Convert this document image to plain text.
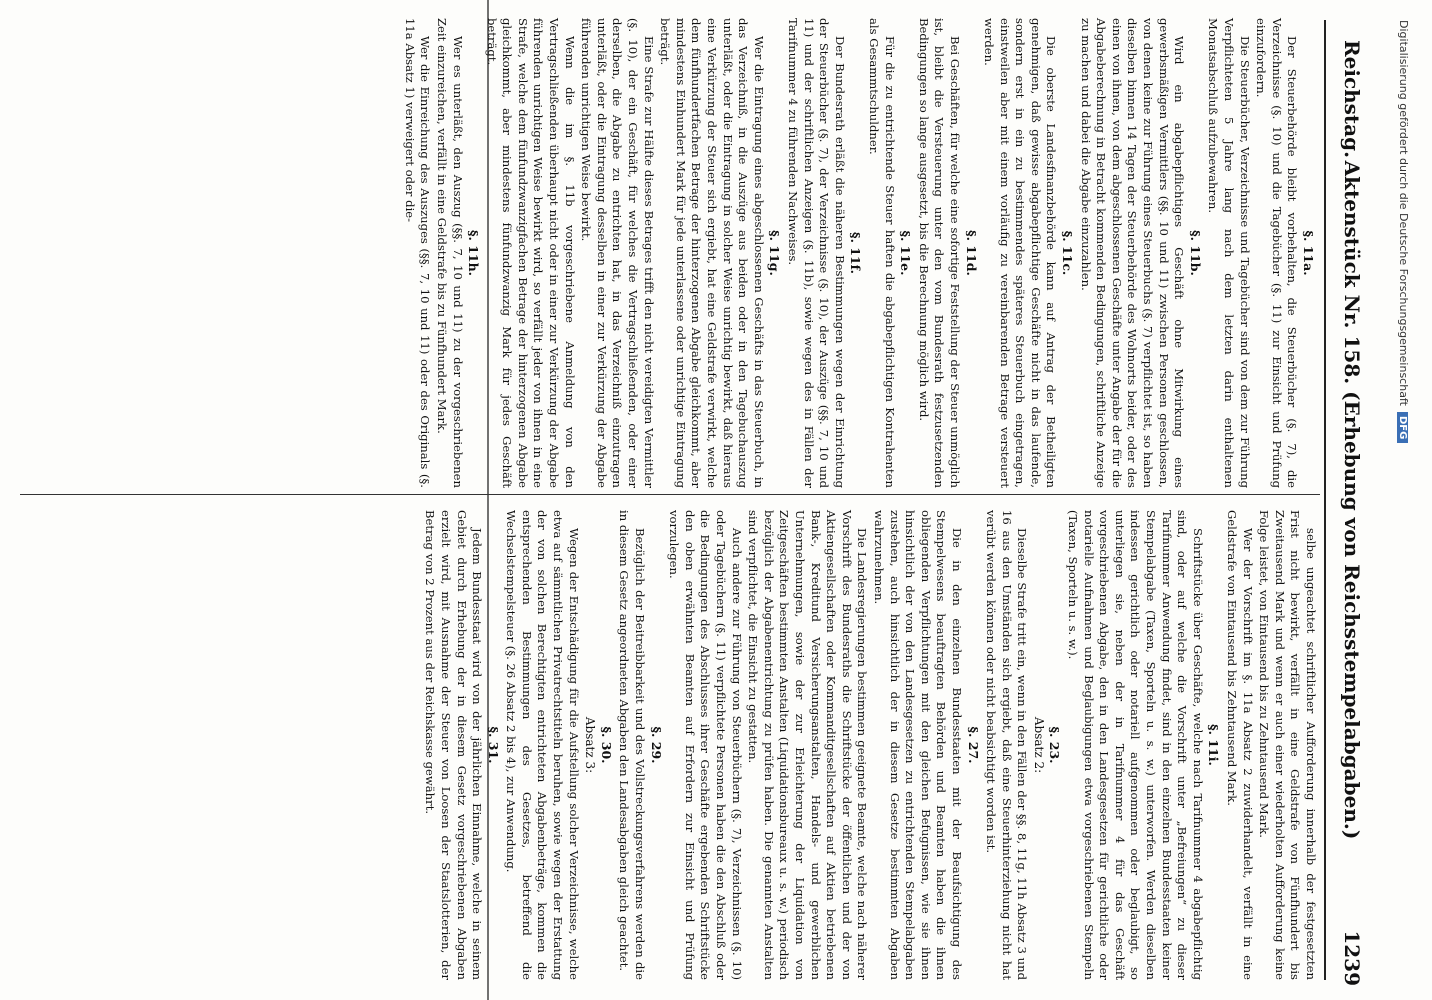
Reichstag.
Aktenstück Nr. 158. (Erhebung von Reichsstempelabgaben.)
1239
§. 11a.
Der Steuerbehörde bleibt vorbehalten, die Steuerbücher (§. 7), die Verzeichnisse (§. 10) und die Tagebücher (§. 11) zur Einsicht und Prüfung einzufordern.
Die Steuerbücher, Verzeichnisse und Tagebücher sind von dem zur Führung Verpflichteten 5 Jahre lang nach dem letzten darin enthaltenen Monatsabschluß aufzubewahren.
§. 11b.
Wird ein abgabepflichtiges Geschäft ohne Mitwirkung eines gewerbsmäßigen Vermittlers (§§. 10 und 11) zwischen Personen geschlossen, von denen keine zur Führung eines Steuerbuchs (§. 7) verpflichtet ist, so haben dieselben binnen 14 Tagen der Steuerbehörde des Wohnorts beider, oder des einen von ihnen, von dem abgeschlossenen Geschäfte unter Angabe der für die Abgabeberechnung in Betracht kommenden Bedingungen, schriftliche Anzeige zu machen und dabei die Abgabe einzuzahlen.
§. 11c.
Die oberste Landesfinanzbehörde kann auf Antrag der Betheiligten genehmigen, daß gewisse abgabepflichtige Geschäfte nicht in das laufende, sondern erst in ein zu bestimmendes späteres Steuerbuch eingetragen, einstweilen aber mit einem vorläufig zu vereinbarenden Betrage versteuert werden.
§. 11d.
Bei Geschäften, für welche eine sofortige Feststellung der Steuer unmöglich ist, bleibt die Versteuerung unter den vom Bundesrath festzusetzenden Bedingungen so lange ausgesetzt, bis die Berechnung möglich wird.
§. 11e.
Für die zu entrichtende Steuer haften die abgabepflichtigen Kontrahenten als Gesammtschuldner.
§. 11f.
Der Bundesrath erläßt die näheren Bestimmungen wegen der Einrichtung der Steuerbücher (§. 7), der Verzeichnisse (§. 10), der Auszüge (§§. 7, 10 und 11) und der schriftlichen Anzeigen (§. 11b), sowie wegen des in Fällen der Tarifnummer 4 zu führenden Nachweises.
§. 11g.
Wer die Eintragung eines abgeschlossenen Geschäfts in das Steuerbuch, in das Verzeichniß, in die Auszüge aus beiden oder in den Tagebuchauszug unterläßt, oder die Eintragung in solcher Weise unrichtig bewirkt, daß hieraus eine Verkürzung der Steuer sich ergiebt, hat eine Geldstrafe verwirkt, welche dem fünfhundertfachen Betrage der hinterzogenen Abgabe gleichkommt, aber mindestens Einhundert Mark für jede unterlassene oder unrichtige Eintragung beträgt.
Eine Strafe zur Hälfte dieses Betrages trifft den nicht vereidigten Vermittler (§. 10), der ein Geschäft, für welches die Vertragschließenden, oder einer derselben, die Abgabe zu entrichten hat, in das Verzeichniß einzutragen unterläßt, oder die Eintragung desselben in einer zur Verkürzung der Abgabe führenden unrichtigen Weise bewirkt.
Wenn die im §. 11b vorgeschriebene Anmeldung von den Vertragschließenden überhaupt nicht oder in einer zur Verkürzung der Abgabe führenden unrichtigen Weise bewirkt wird, so verfällt jeder von ihnen in eine Strafe, welche dem fünfundzwanzigfachen Betrage der hinterzogenen Abgabe gleichkommt, aber mindestens fünfundzwanzig Mark für jedes Geschäft beträgt.
§. 11h.
Wer es unterläßt, den Auszug (§§. 7, 10 und 11) zu der vorgeschriebenen Zeit einzureichen, verfällt in eine Geldstrafe bis zu Fünfhundert Mark.
Wer die Einreichung des Auszuges (§§. 7, 10 und 11) oder des Originals (§. 11a Absatz 1) verweigert oder die-
selbe ungeachtet schriftlicher Aufforderung innerhalb der festgesetzten Frist nicht bewirkt, verfällt in eine Geldstrafe von Fünfhundert bis Zweitausend Mark und wenn er auch einer wiederholten Aufforderung keine Folge leistet, von Eintausend bis zu Zehntausend Mark.
Wer der Vorschrift im §. 11a Absatz 2 zuwiderhandelt, verfällt in eine Geldstrafe von Eintausend bis Zehntausend Mark.
§. 11i.
Schriftstücke über Geschäfte, welche nach Tarifnummer 4 abgabepflichtig sind, oder auf welche die Vorschrift unter „Befreiungen“ zu dieser Tarifnummer Anwendung findet, sind in den einzelnen Bundesstaaten keiner Stempelabgabe (Taxen, Sporteln u. s. w.) unterworfen. Werden dieselben indessen gerichtlich oder notariell aufgenommen oder beglaubigt, so unterliegen sie, neben der in Tarifnummer 4 für das Geschäft vorgeschriebenen Abgabe, den in den Landesgesetzen für gerichtliche oder notarielle Aufnahmen und Beglaubigungen etwa vorgeschriebenen Stempeln (Taxen, Sporteln u. s. w.).
§. 23.
Absatz 2:
Dieselbe Strafe tritt ein, wenn in den Fällen der §§. 8, 11g, 11h Absatz 3 und 16 aus den Umständen sich ergiebt, daß eine Steuerhinterziehung nicht hat verübt werden können oder nicht beabsichtigt worden ist.
§. 27.
Die in den einzelnen Bundesstaaten mit der Beaufsichtigung des Stempelwesens beauftragten Behörden und Beamten haben die ihnen obliegenden Verpflichtungen mit den gleichen Befugnissen, wie sie ihnen hinsichtlich der von den Landesgesetzen zu entrichtenden Stempelabgaben zustehen, auch hinsichtlich der in diesem Gesetze bestimmten Abgaben wahrzunehmen.
Die Landesregierungen bestimmen geeignete Beamte, welche nach näherer Vorschrift des Bundesraths die Schriftstücke der öffentlichen und der von Aktiengesellschaften oder Kommanditgesellschaften auf Aktien betriebenen Bank-, Kreditund Versicherungsanstalten, Handels- und gewerblichen Unternehmungen, sowie der zur Erleichterung der Liquidation von Zeitgeschäften bestimmten Anstalten (Liquidationsbureaux u. s. w.) periodisch bezüglich der Abgabenentrichtung zu prüfen haben. Die genannten Anstalten sind verpflichtet, die Einsicht zu gestatten.
Auch andere zur Führung von Steuerbüchern (§. 7), Verzeichnissen (§. 10) oder Tagebüchern (§. 11) verpflichtete Personen haben die den Abschluß oder die Bedingungen des Abschlusses ihrer Geschäfte ergebenden Schriftstücke den oben erwähnten Beamten auf Erfordern zur Einsicht und Prüfung vorzulegen.
§. 29.
Bezüglich der Beitreibbarkeit und des Vollstreckungsverfahrens werden die in diesem Gesetz angeordneten Abgaben den Landesabgaben gleich geachtet.
§. 30.
Absatz 3:
Wegen der Entschädigung für die Aufstellung solcher Verzeichnisse, welche etwa auf sämmtlichen Privatrechtstiteln beruhen, sowie wegen der Erstattung der von solchen Berechtigten entrichteten Abgabenbeträge, kommen die entsprechenden Bestimmungen des Gesetzes, betreffend die Wechselstempelsteuer (§. 26 Absatz 2 bis 4), zur Anwendung.
§. 31.
Jedem Bundesstaat wird von der jährlichen Einnahme, welche in seinem Gebiet durch Erhebung der in diesem Gesetz vorgeschriebenen Abgaben erzielt wird, mit Ausnahme der Steuer von Loosen der Staatslotterien, der Betrag von 2 Prozent aus der Reichskasse gewährt.
Digitalisierung gefördert durch die Deutsche ForschungsgemeinschaftDFG
